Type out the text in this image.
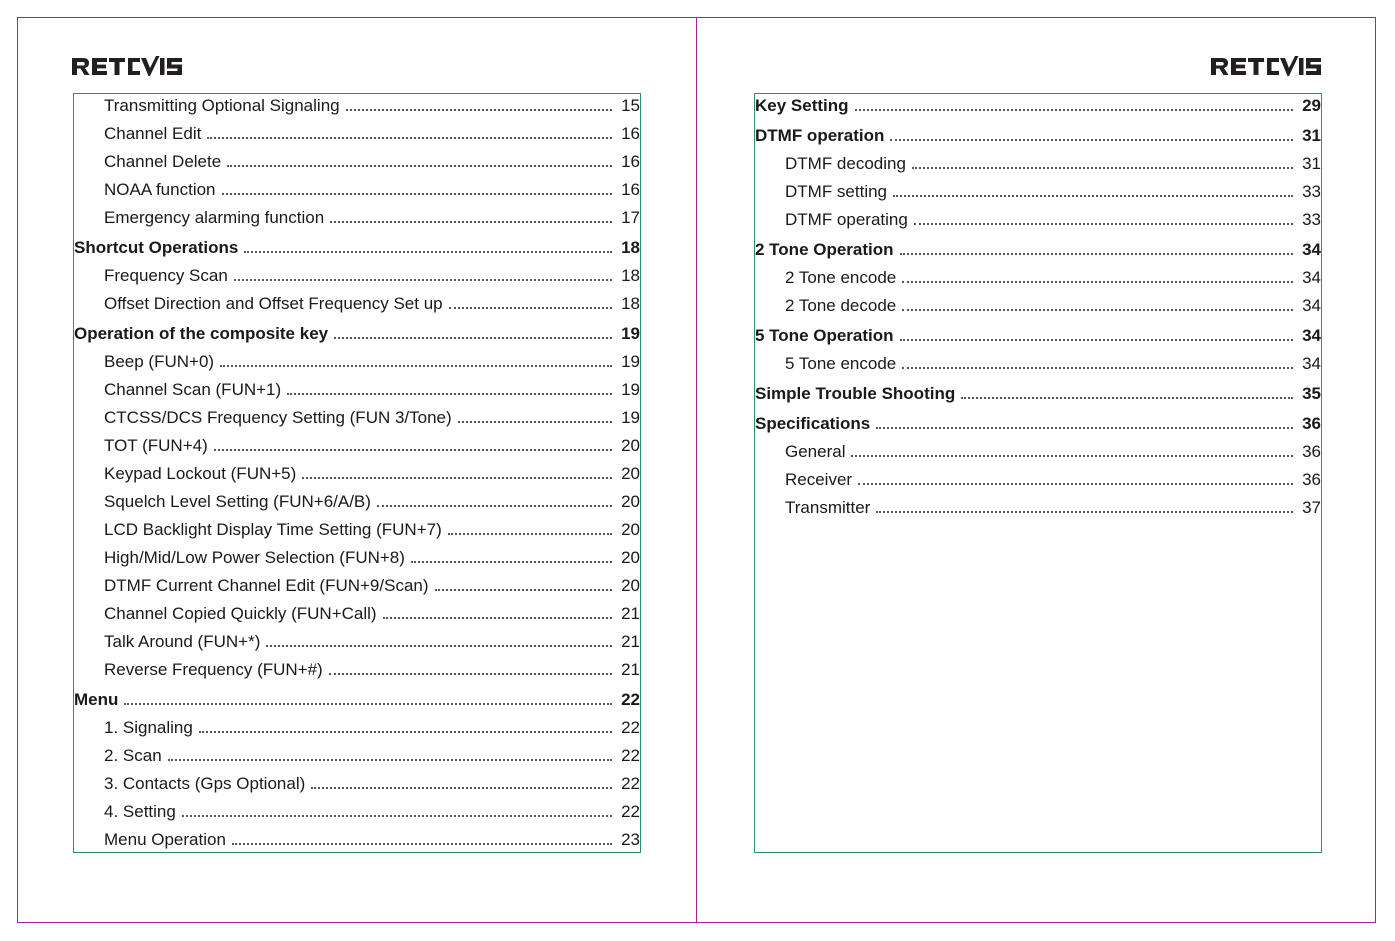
Transmitting Optional Signaling	15
Channel Edit	16
Channel Delete	16
NOAA function	16
Emergency alarming function	17
Shortcut Operations	18
Frequency Scan	18
Offset Direction and Offset Frequency Set up	18
Operation of the composite key	19
Beep (FUN+0)	19
Channel Scan (FUN+1)	19
CTCSS/DCS Frequency Setting (FUN 3/Tone)	19
TOT (FUN+4)	20
Keypad Lockout (FUN+5)	20
Squelch Level Setting (FUN+6/A/B)	20
LCD Backlight Display Time Setting (FUN+7)	20
High/Mid/Low Power Selection (FUN+8)	20
DTMF Current Channel Edit (FUN+9/Scan)	20
Channel Copied Quickly (FUN+Call)	21
Talk Around (FUN+*)	21
Reverse Frequency (FUN+#)	21
Menu	22
1. Signaling	22
2. Scan	22
3. Contacts (Gps Optional)	22
4. Setting	22
Menu Operation	23
Key Setting	29
DTMF operation	31
DTMF decoding	31
DTMF setting	33
DTMF operating	33
2 Tone Operation	34
2 Tone encode	34
2 Tone decode	34
5 Tone Operation	34
5 Tone encode	34
Simple Trouble Shooting	35
Specifications	36
General	36
Receiver	36
Transmitter	37
